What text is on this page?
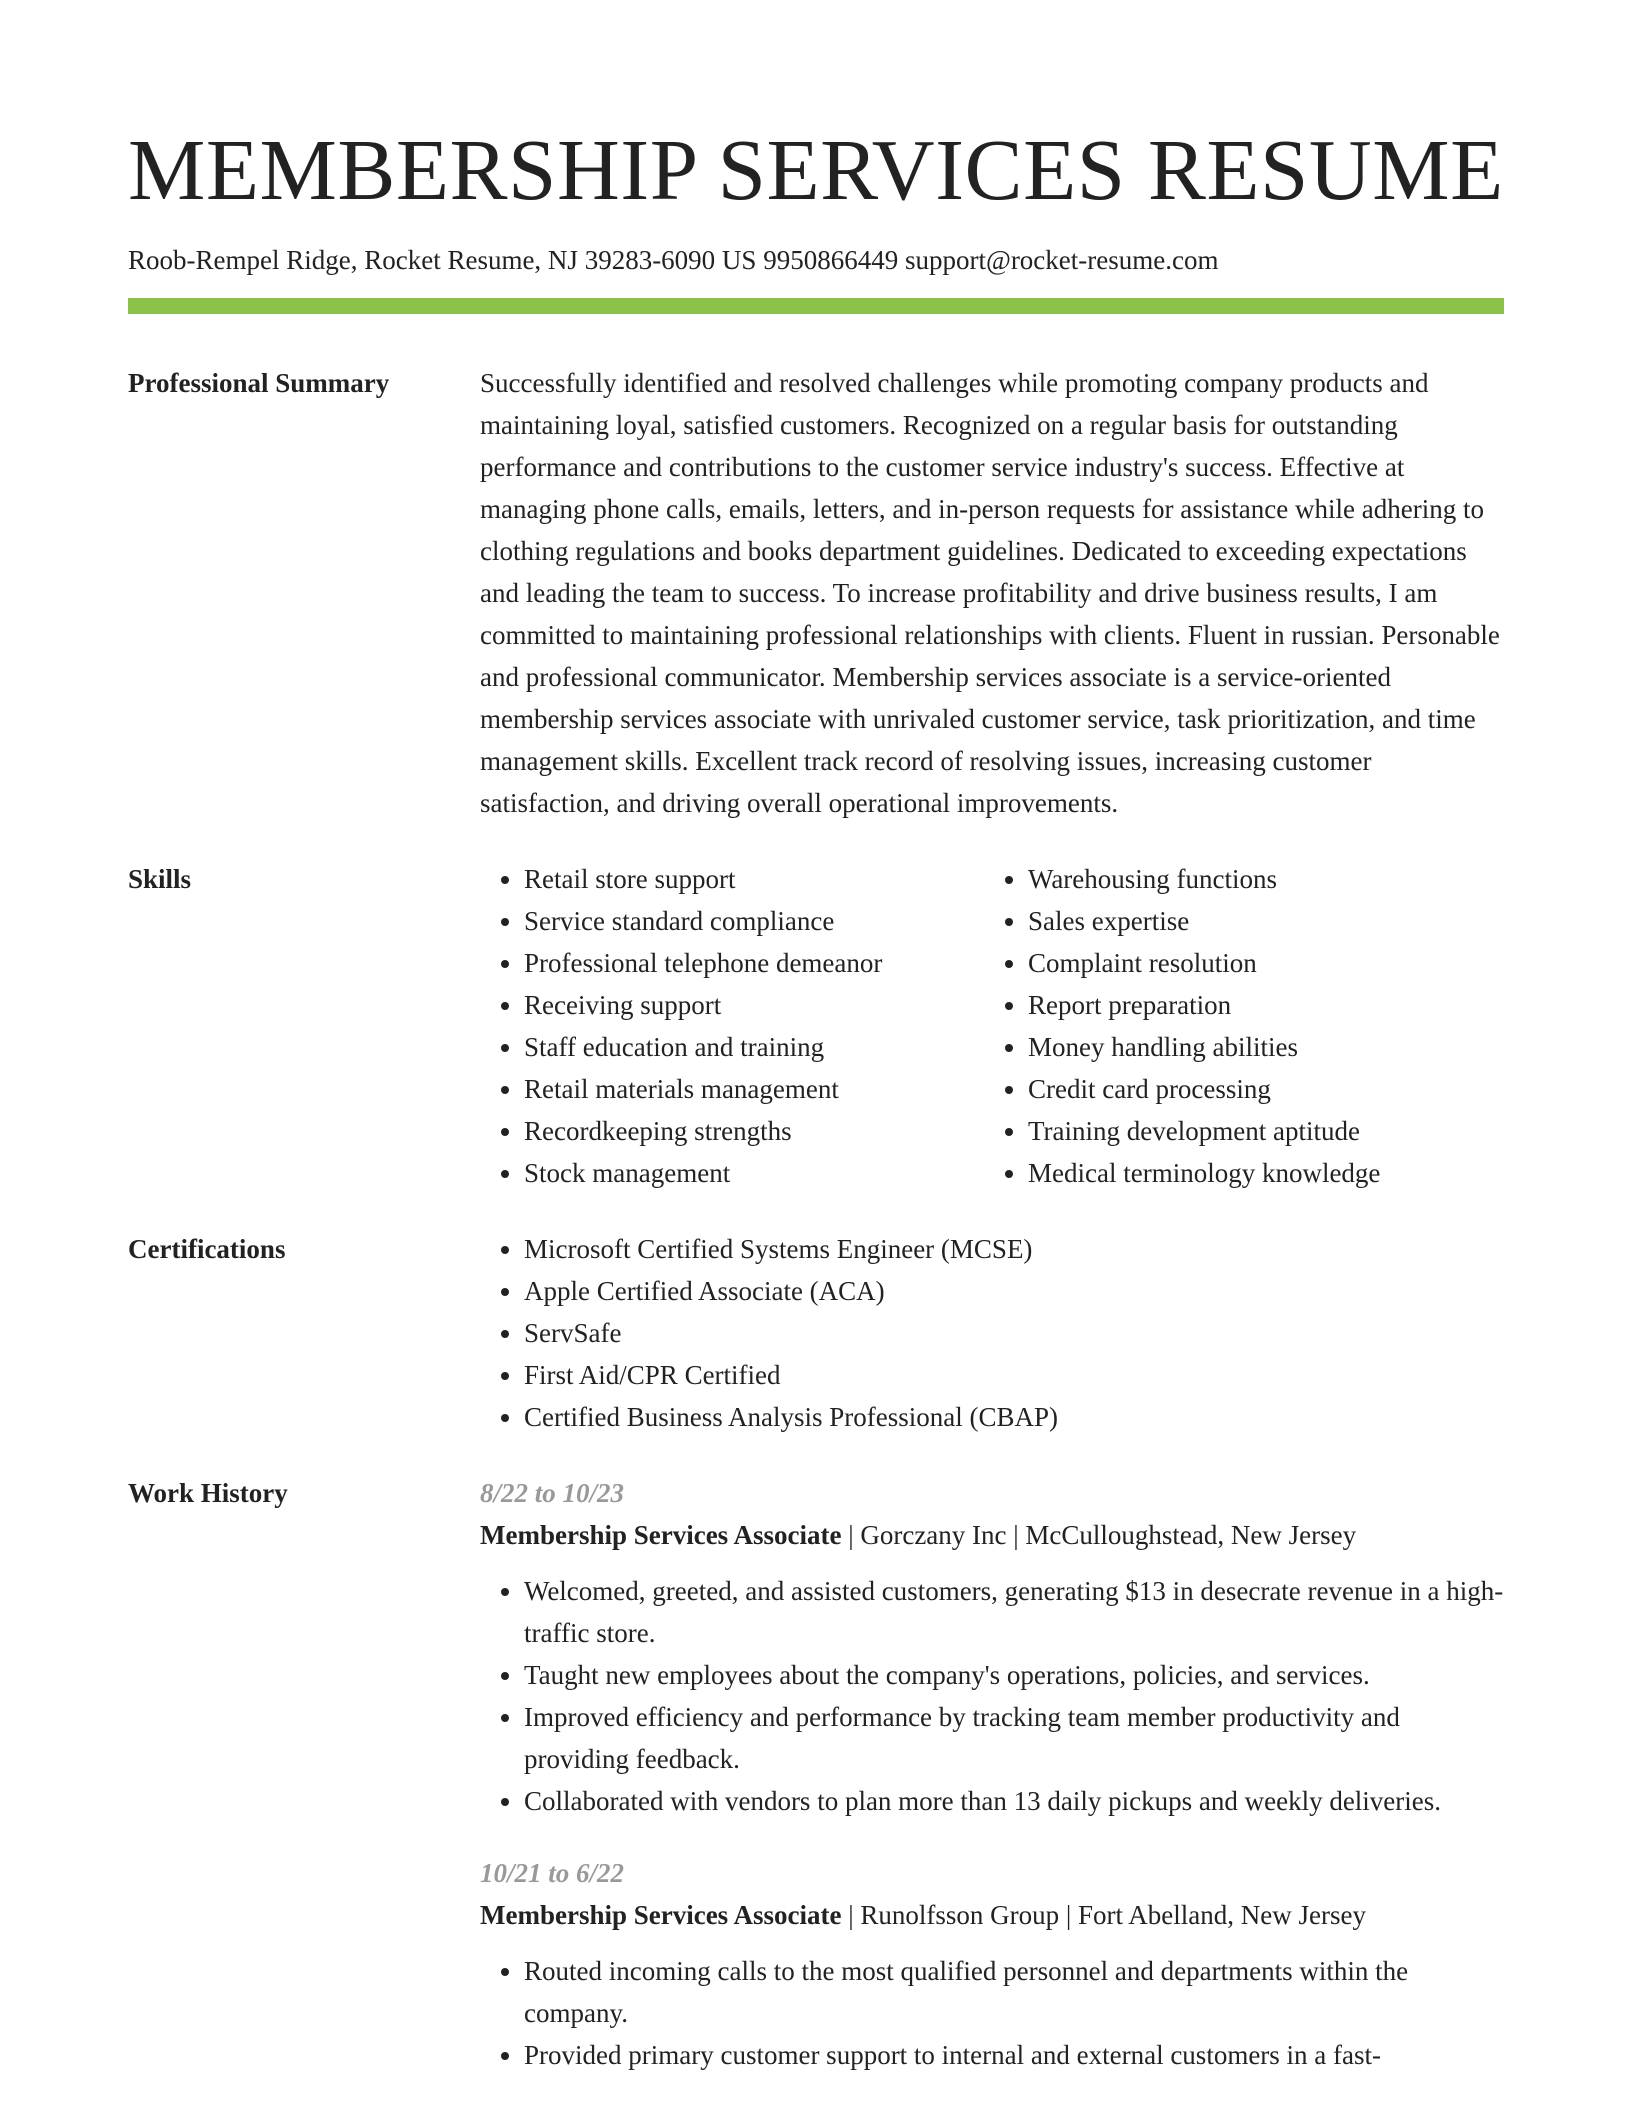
MEMBERSHIP SERVICES RESUME
Roob-Rempel Ridge, Rocket Resume, NJ 39283-6090 US 9950866449 support@rocket-resume.com
Professional Summary	Successfully identified and resolved challenges while promoting company products and maintaining loyal, satisfied customers. Recognized on a regular basis for outstanding performance and contributions to the customer service industry's success. Effective at managing phone calls, emails, letters, and in-person requests for assistance while adhering to clothing regulations and books department guidelines. Dedicated to exceeding expectations and leading the team to success. To increase profitability and drive business results, I am committed to maintaining professional relationships with clients. Fluent in russian. Personable and professional communicator. Membership services associate is a service-oriented membership services associate with unrivaled customer service, task prioritization, and time management skills. Excellent track record of resolving issues, increasing customer satisfaction, and driving overall operational improvements.

Skills	• Retail store support
• Service standard compliance
• Professional telephone demeanor
• Receiving support
• Staff education and training
• Retail materials management
• Recordkeeping strengths
• Stock management
• Warehousing functions
• Sales expertise
• Complaint resolution
• Report preparation
• Money handling abilities
• Credit card processing
• Training development aptitude
• Medical terminology knowledge
Certifications	• Microsoft Certified Systems Engineer (MCSE)
• Apple Certified Associate (ACA)
• ServSafe
• First Aid/CPR Certified
• Certified Business Analysis Professional (CBAP)
Work History	8/22 to 10/23
Membership Services Associate | Gorczany Inc | McCulloughstead, New Jersey
• Welcomed, greeted, and assisted customers, generating $13 in desecrate revenue in a high-traffic store.
• Taught new employees about the company's operations, policies, and services.
• Improved efficiency and performance by tracking team member productivity and providing feedback.
• Collaborated with vendors to plan more than 13 daily pickups and weekly deliveries.
10/21 to 6/22
Membership Services Associate | Runolfsson Group | Fort Abelland, New Jersey
• Routed incoming calls to the most qualified personnel and departments within the company.
• Provided primary customer support to internal and external customers in a fast-
